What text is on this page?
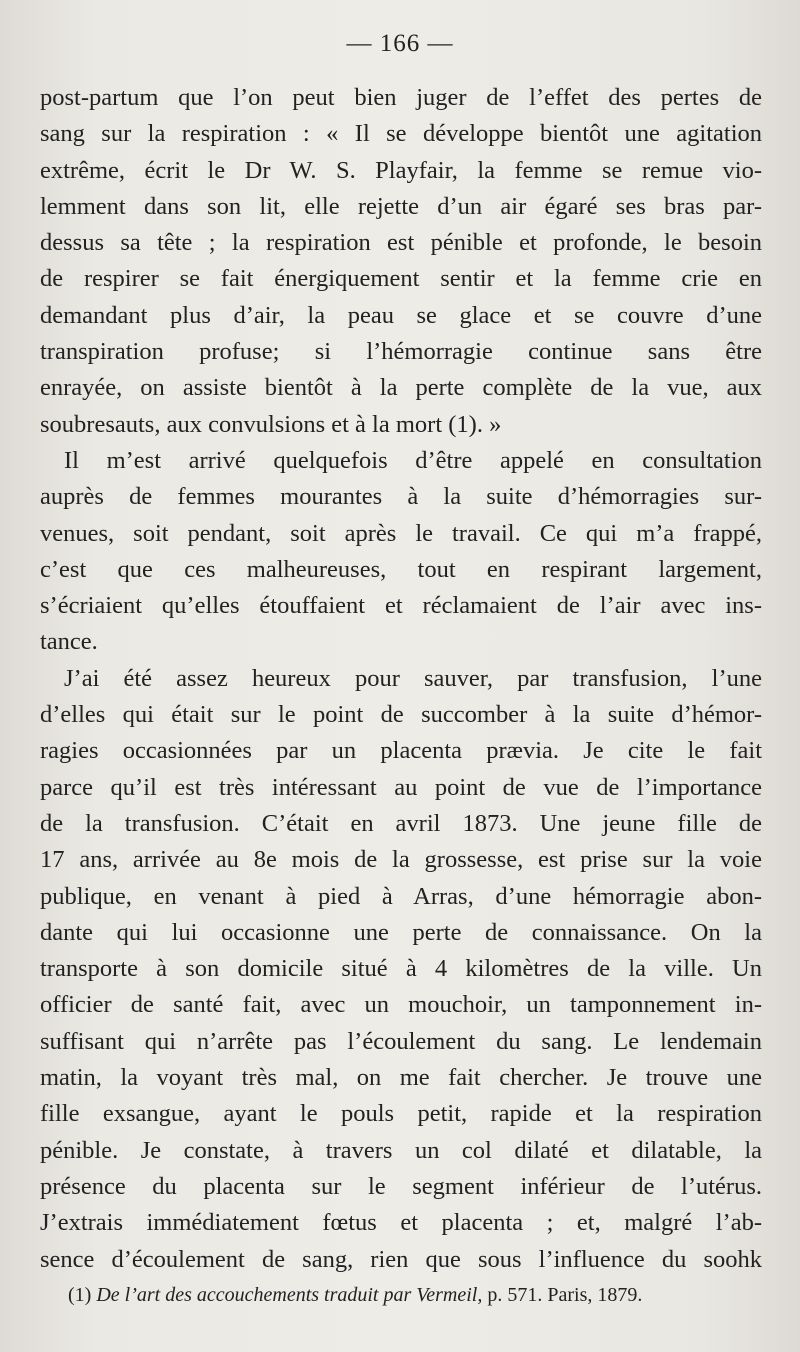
— 166 —
post-partum que l’on peut bien juger de l’effet des pertes de
sang sur la respiration : « Il se développe bientôt une agitation
extrême, écrit le Dr W. S. Playfair, la femme se remue vio-
lemment dans son lit, elle rejette d’un air égaré ses bras par-
dessus sa tête ; la respiration est pénible et profonde, le besoin
de respirer se fait énergiquement sentir et la femme crie en
demandant plus d’air, la peau se glace et se couvre d’une
transpiration profuse; si l’hémorragie continue sans être
enrayée, on assiste bientôt à la perte complète de la vue, aux
soubresauts, aux convulsions et à la mort (1). »
Il m’est arrivé quelquefois d’être appelé en consultation
auprès de femmes mourantes à la suite d’hémorragies sur-
venues, soit pendant, soit après le travail. Ce qui m’a frappé,
c’est que ces malheureuses, tout en respirant largement,
s’écriaient qu’elles étouffaient et réclamaient de l’air avec ins-
tance.
J’ai été assez heureux pour sauver, par transfusion, l’une
d’elles qui était sur le point de succomber à la suite d’hémor-
ragies occasionnées par un placenta prævia. Je cite le fait
parce qu’il est très intéressant au point de vue de l’importance
de la transfusion. C’était en avril 1873. Une jeune fille de
17 ans, arrivée au 8e mois de la grossesse, est prise sur la voie
publique, en venant à pied à Arras, d’une hémorragie abon-
dante qui lui occasionne une perte de connaissance. On la
transporte à son domicile situé à 4 kilomètres de la ville. Un
officier de santé fait, avec un mouchoir, un tamponnement in-
suffisant qui n’arrête pas l’écoulement du sang. Le lendemain
matin, la voyant très mal, on me fait chercher. Je trouve une
fille exsangue, ayant le pouls petit, rapide et la respiration
pénible. Je constate, à travers un col dilaté et dilatable, la
présence du placenta sur le segment inférieur de l’utérus.
J’extrais immédiatement fœtus et placenta ; et, malgré l’ab-
sence d’écoulement de sang, rien que sous l’influence du soohk
(1) De l’art des accouchements traduit par Vermeil, p. 571. Paris, 1879.
